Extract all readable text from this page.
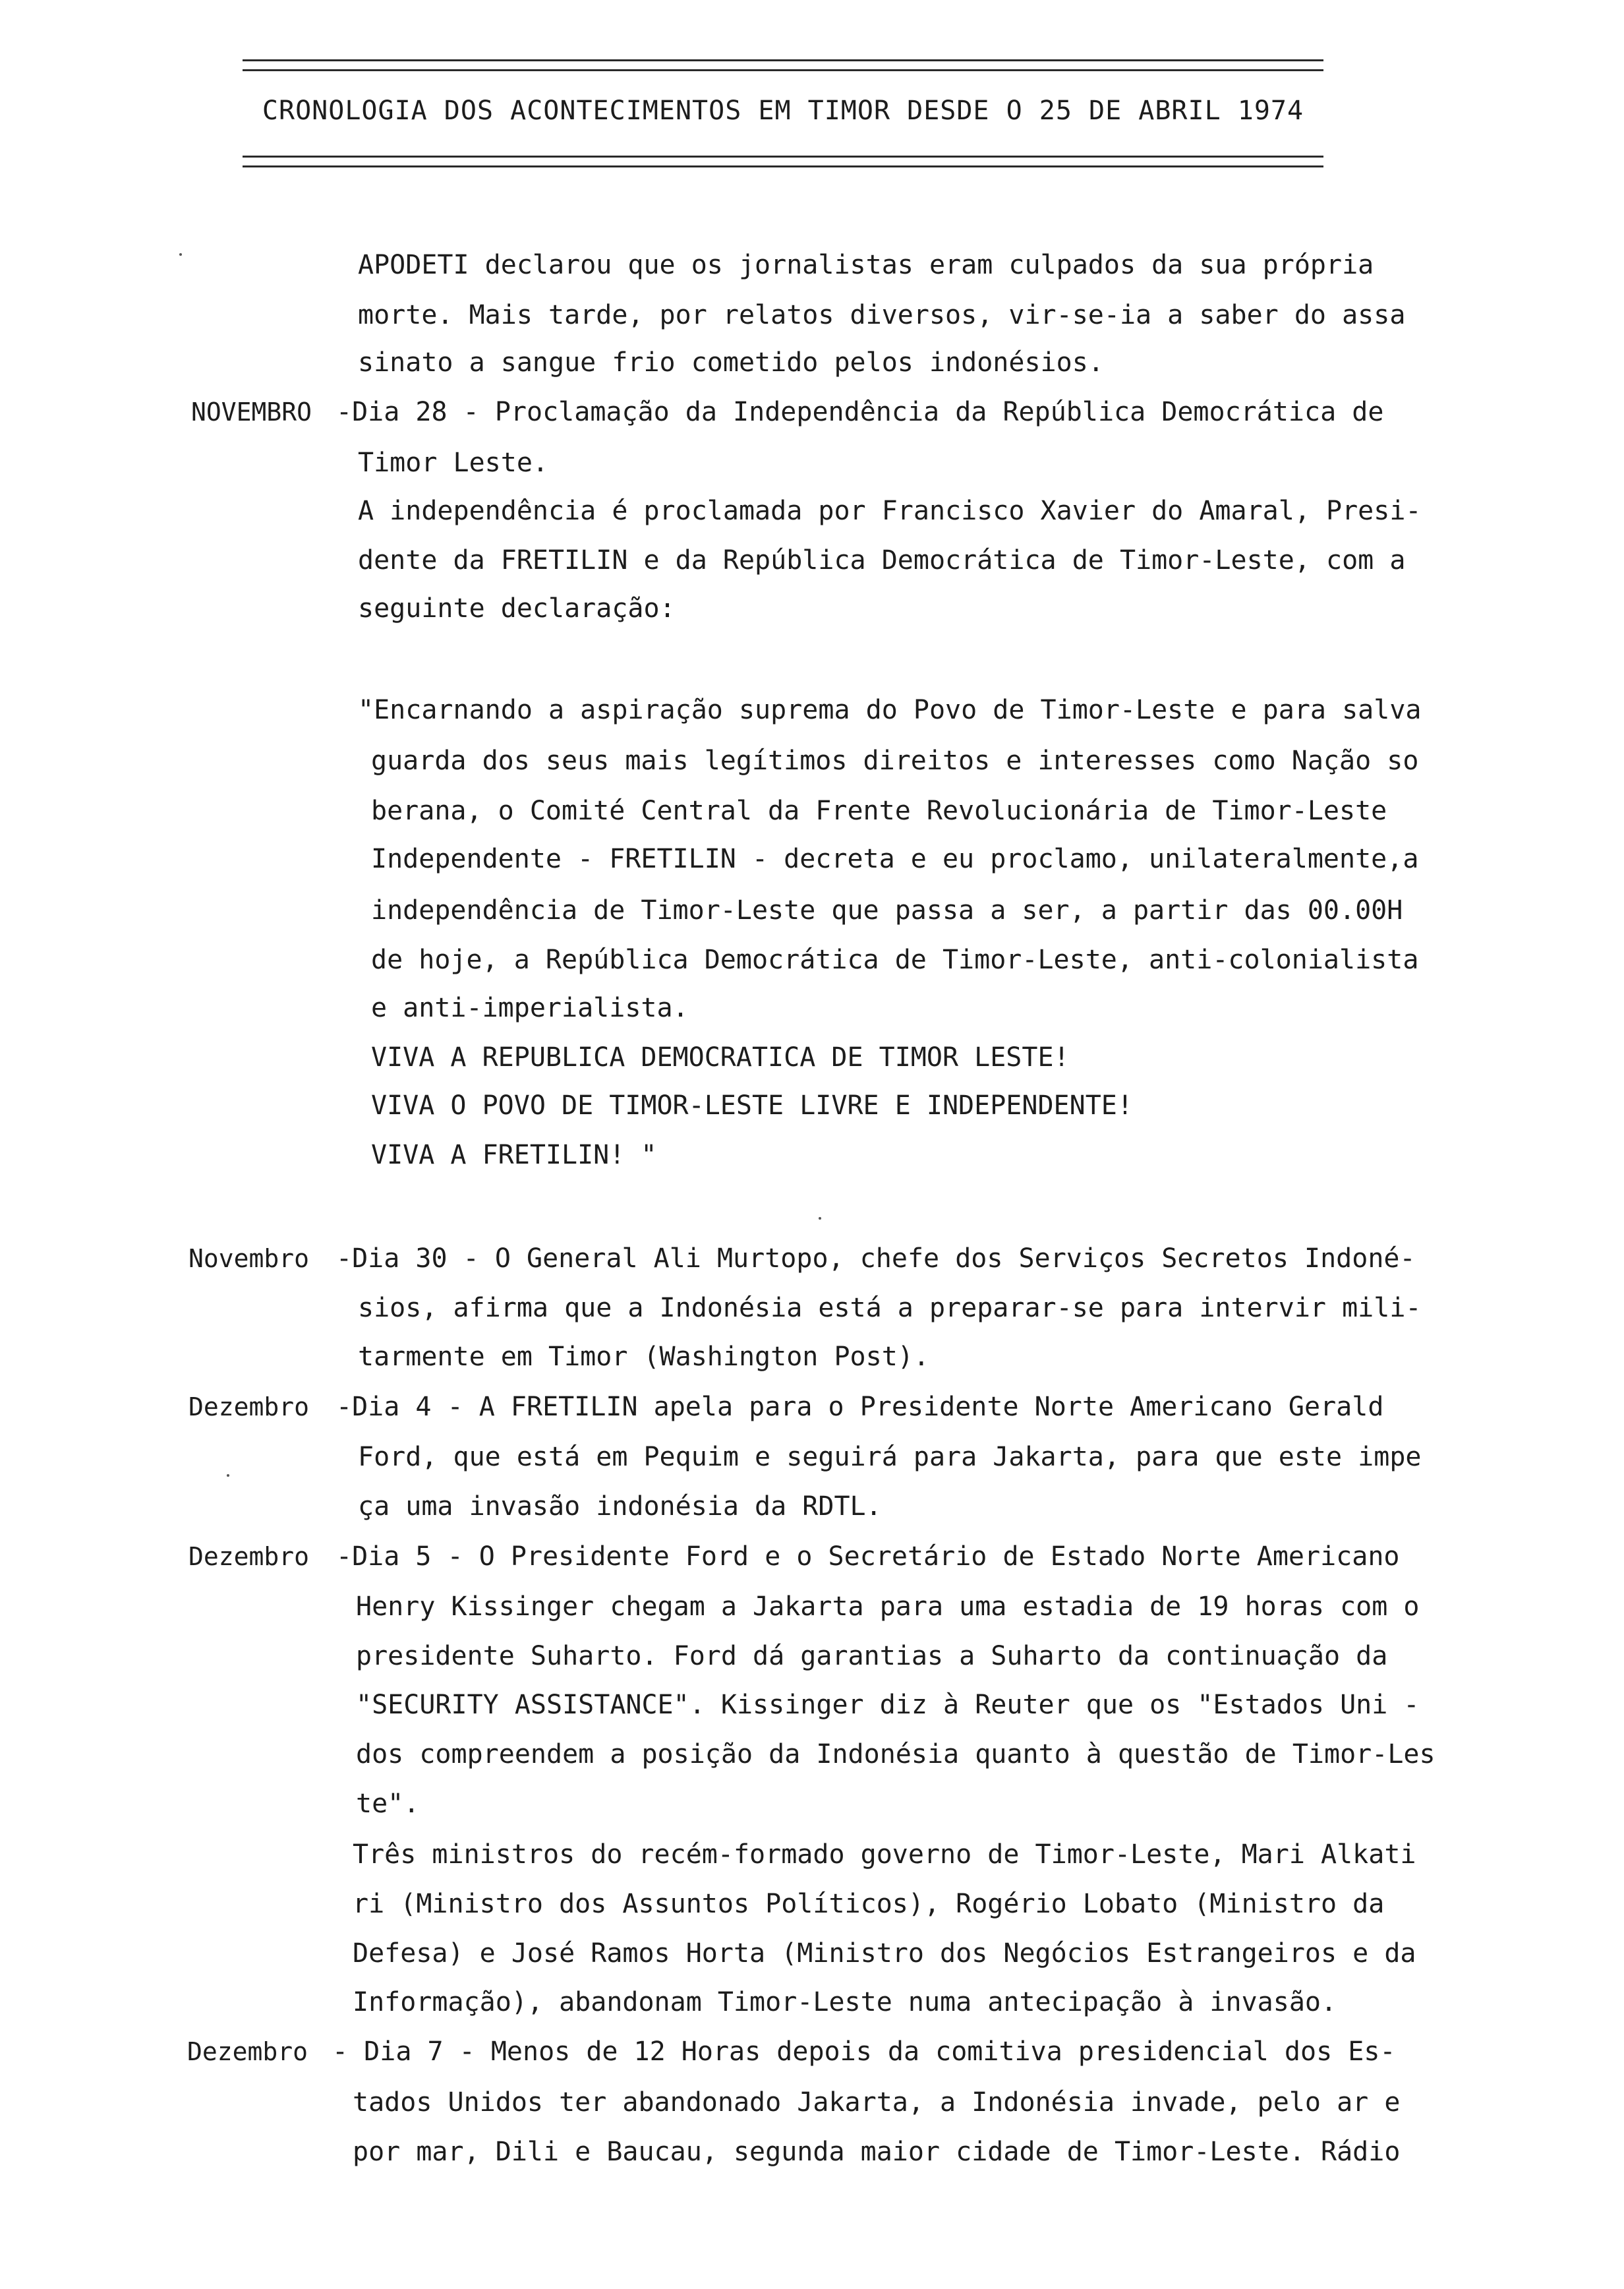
CRONOLOGIA DOS ACONTECIMENTOS EM TIMOR DESDE O 25 DE ABRIL 1974
APODETI declarou que os jornalistas eram culpados da sua própria
morte. Mais tarde, por relatos diversos, vir-se-ia a saber do assa
sinato a sangue frio cometido pelos indonésios.
NOVEMBRO -Dia 28 - Proclamação da Independência da República Democrática de
Timor Leste.
A independência é proclamada por Francisco Xavier do Amaral, Presi-
dente da FRETILIN e da República Democrática de Timor-Leste, com a
seguinte declaração:
"Encarnando a aspiração suprema do Povo de Timor-Leste e para salva
guarda dos seus mais legítimos direitos e interesses como Nação so
berana, o Comité Central da Frente Revolucionária de Timor-Leste
Independente - FRETILIN - decreta e eu proclamo, unilateralmente,a
independência de Timor-Leste que passa a ser, a partir das 00.00H
de hoje, a República Democrática de Timor-Leste, anti-colonialista
e anti-imperialista.
VIVA A REPUBLICA DEMOCRATICA DE TIMOR LESTE!
VIVA O POVO DE TIMOR-LESTE LIVRE E INDEPENDENTE!
VIVA A FRETILIN! "
Novembro -Dia 30 - O General Ali Murtopo, chefe dos Serviços Secretos Indoné-
sios, afirma que a Indonésia está a preparar-se para intervir mili-
tarmente em Timor (Washington Post).
Dezembro -Dia 4 - A FRETILIN apela para o Presidente Norte Americano Gerald
Ford, que está em Pequim e seguirá para Jakarta, para que este impe
ça uma invasão indonésia da RDTL.
Dezembro -Dia 5 - O Presidente Ford e o Secretário de Estado Norte Americano
Henry Kissinger chegam a Jakarta para uma estadia de 19 horas com o
presidente Suharto. Ford dá garantias a Suharto da continuação da
"SECURITY ASSISTANCE". Kissinger diz à Reuter que os "Estados Uni -
dos compreendem a posição da Indonésia quanto à questão de Timor-Les
te".
Três ministros do recém-formado governo de Timor-Leste, Mari Alkati
ri (Ministro dos Assuntos Políticos), Rogério Lobato (Ministro da
Defesa) e José Ramos Horta (Ministro dos Negócios Estrangeiros e da
Informação), abandonam Timor-Leste numa antecipação à invasão.
Dezembro - Dia 7 - Menos de 12 Horas depois da comitiva presidencial dos Es-
tados Unidos ter abandonado Jakarta, a Indonésia invade, pelo ar e
por mar, Dili e Baucau, segunda maior cidade de Timor-Leste. Rádio
